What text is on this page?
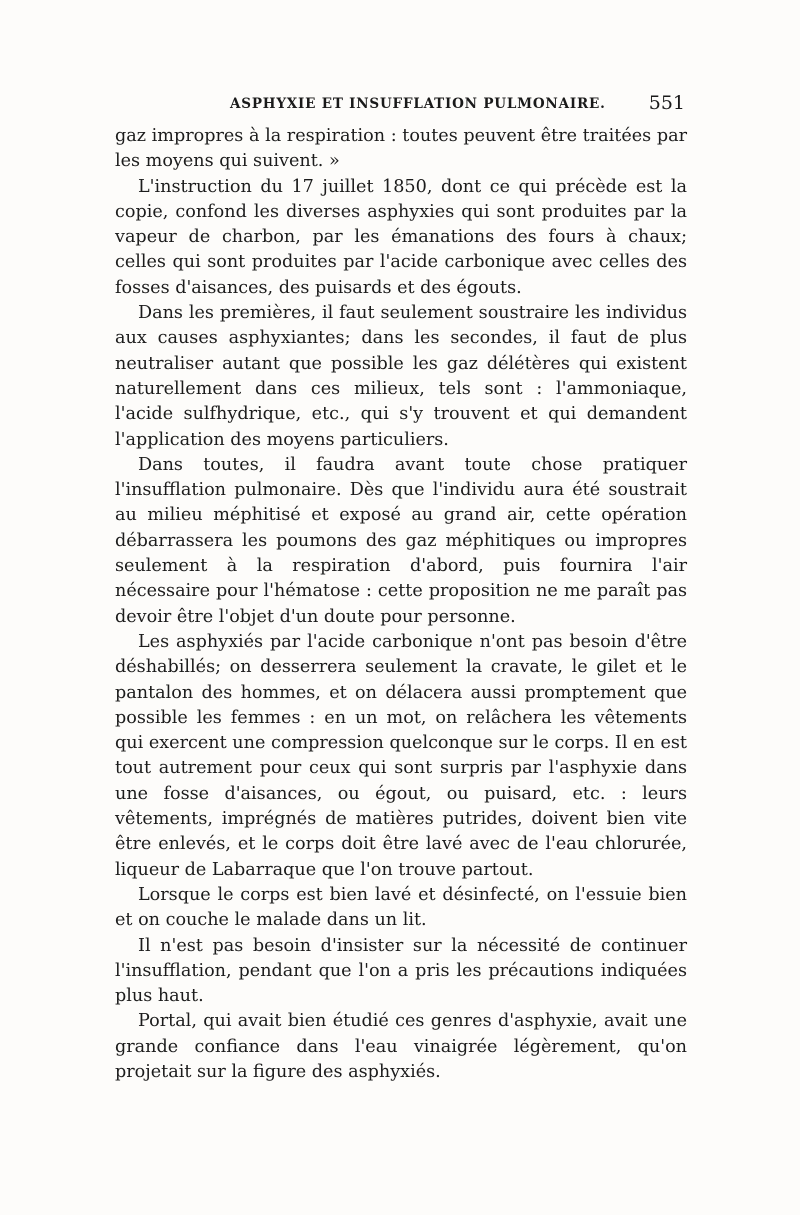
ASPHYXIE ET INSUFFLATION PULMONAIRE. 551

gaz impropres à la respiration : toutes peuvent être traitées par les moyens qui suivent. »

L'instruction du 17 juillet 1850, dont ce qui précède est la copie, confond les diverses asphyxies qui sont produites par la vapeur de charbon, par les émanations des fours à chaux; celles qui sont produites par l'acide carbonique avec celles des fosses d'aisances, des puisards et des égouts.

Dans les premières, il faut seulement soustraire les individus aux causes asphyxiantes; dans les secondes, il faut de plus neutraliser autant que possible les gaz délétères qui existent naturellement dans ces milieux, tels sont : l'ammoniaque, l'acide sulfhydrique, etc., qui s'y trouvent et qui demandent l'application des moyens particuliers.

Dans toutes, il faudra avant toute chose pratiquer l'insufflation pulmonaire. Dès que l'individu aura été soustrait au milieu méphitisé et exposé au grand air, cette opération débarrassera les poumons des gaz méphitiques ou impropres seulement à la respiration d'abord, puis fournira l'air nécessaire pour l'hématose : cette proposition ne me paraît pas devoir être l'objet d'un doute pour personne.

Les asphyxiés par l'acide carbonique n'ont pas besoin d'être déshabillés; on desserrera seulement la cravate, le gilet et le pantalon des hommes, et on délacera aussi promptement que possible les femmes : en un mot, on relâchera les vêtements qui exercent une compression quelconque sur le corps. Il en est tout autrement pour ceux qui sont surpris par l'asphyxie dans une fosse d'aisances, ou égout, ou puisard, etc. : leurs vêtements, imprégnés de matières putrides, doivent bien vite être enlevés, et le corps doit être lavé avec de l'eau chlorurée, liqueur de Labarraque que l'on trouve partout.

Lorsque le corps est bien lavé et désinfecté, on l'essuie bien et on couche le malade dans un lit.

Il n'est pas besoin d'insister sur la nécessité de continuer l'insufflation, pendant que l'on a pris les précautions indiquées plus haut.

Portal, qui avait bien étudié ces genres d'asphyxie, avait une grande confiance dans l'eau vinaigrée légèrement, qu'on projetait sur la figure des asphyxiés.
